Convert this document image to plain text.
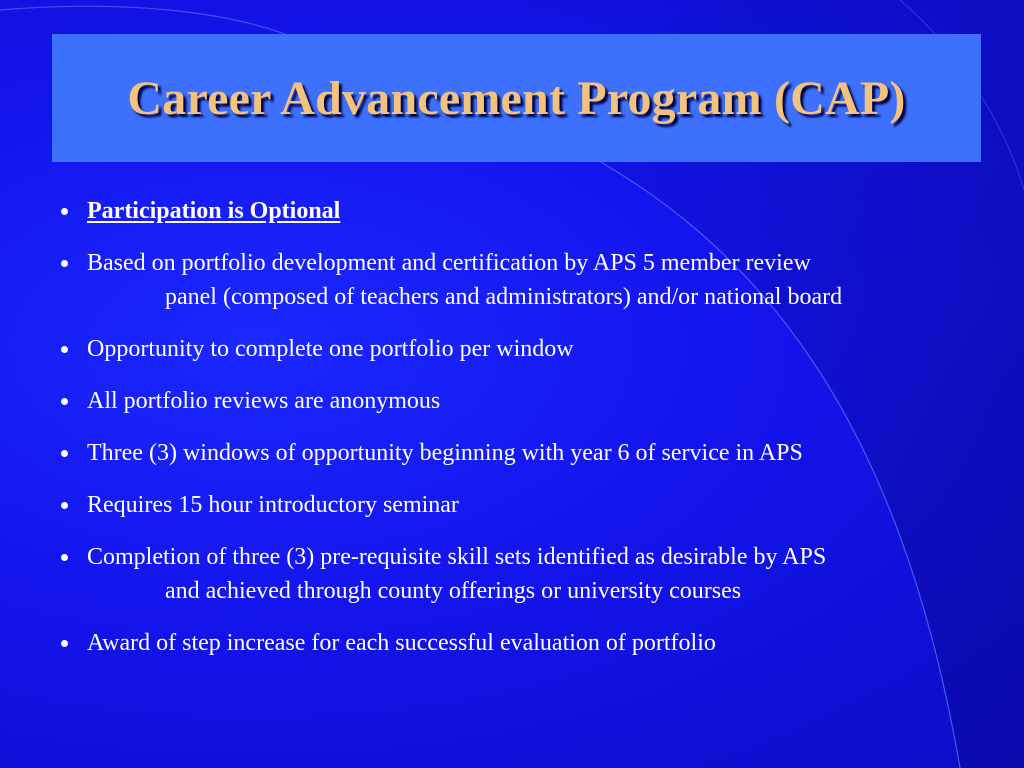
Career Advancement Program (CAP)
Participation is Optional
Based on portfolio development and certification by APS 5 member review
panel (composed of teachers and administrators) and/or national board
Opportunity to complete one portfolio per window
All portfolio reviews are anonymous
Three (3) windows of opportunity beginning with year 6 of service in APS
Requires 15 hour introductory seminar
Completion of three (3) pre-requisite skill sets identified as desirable by APS
and achieved through county offerings or university courses
Award of step increase for each successful evaluation of portfolio
